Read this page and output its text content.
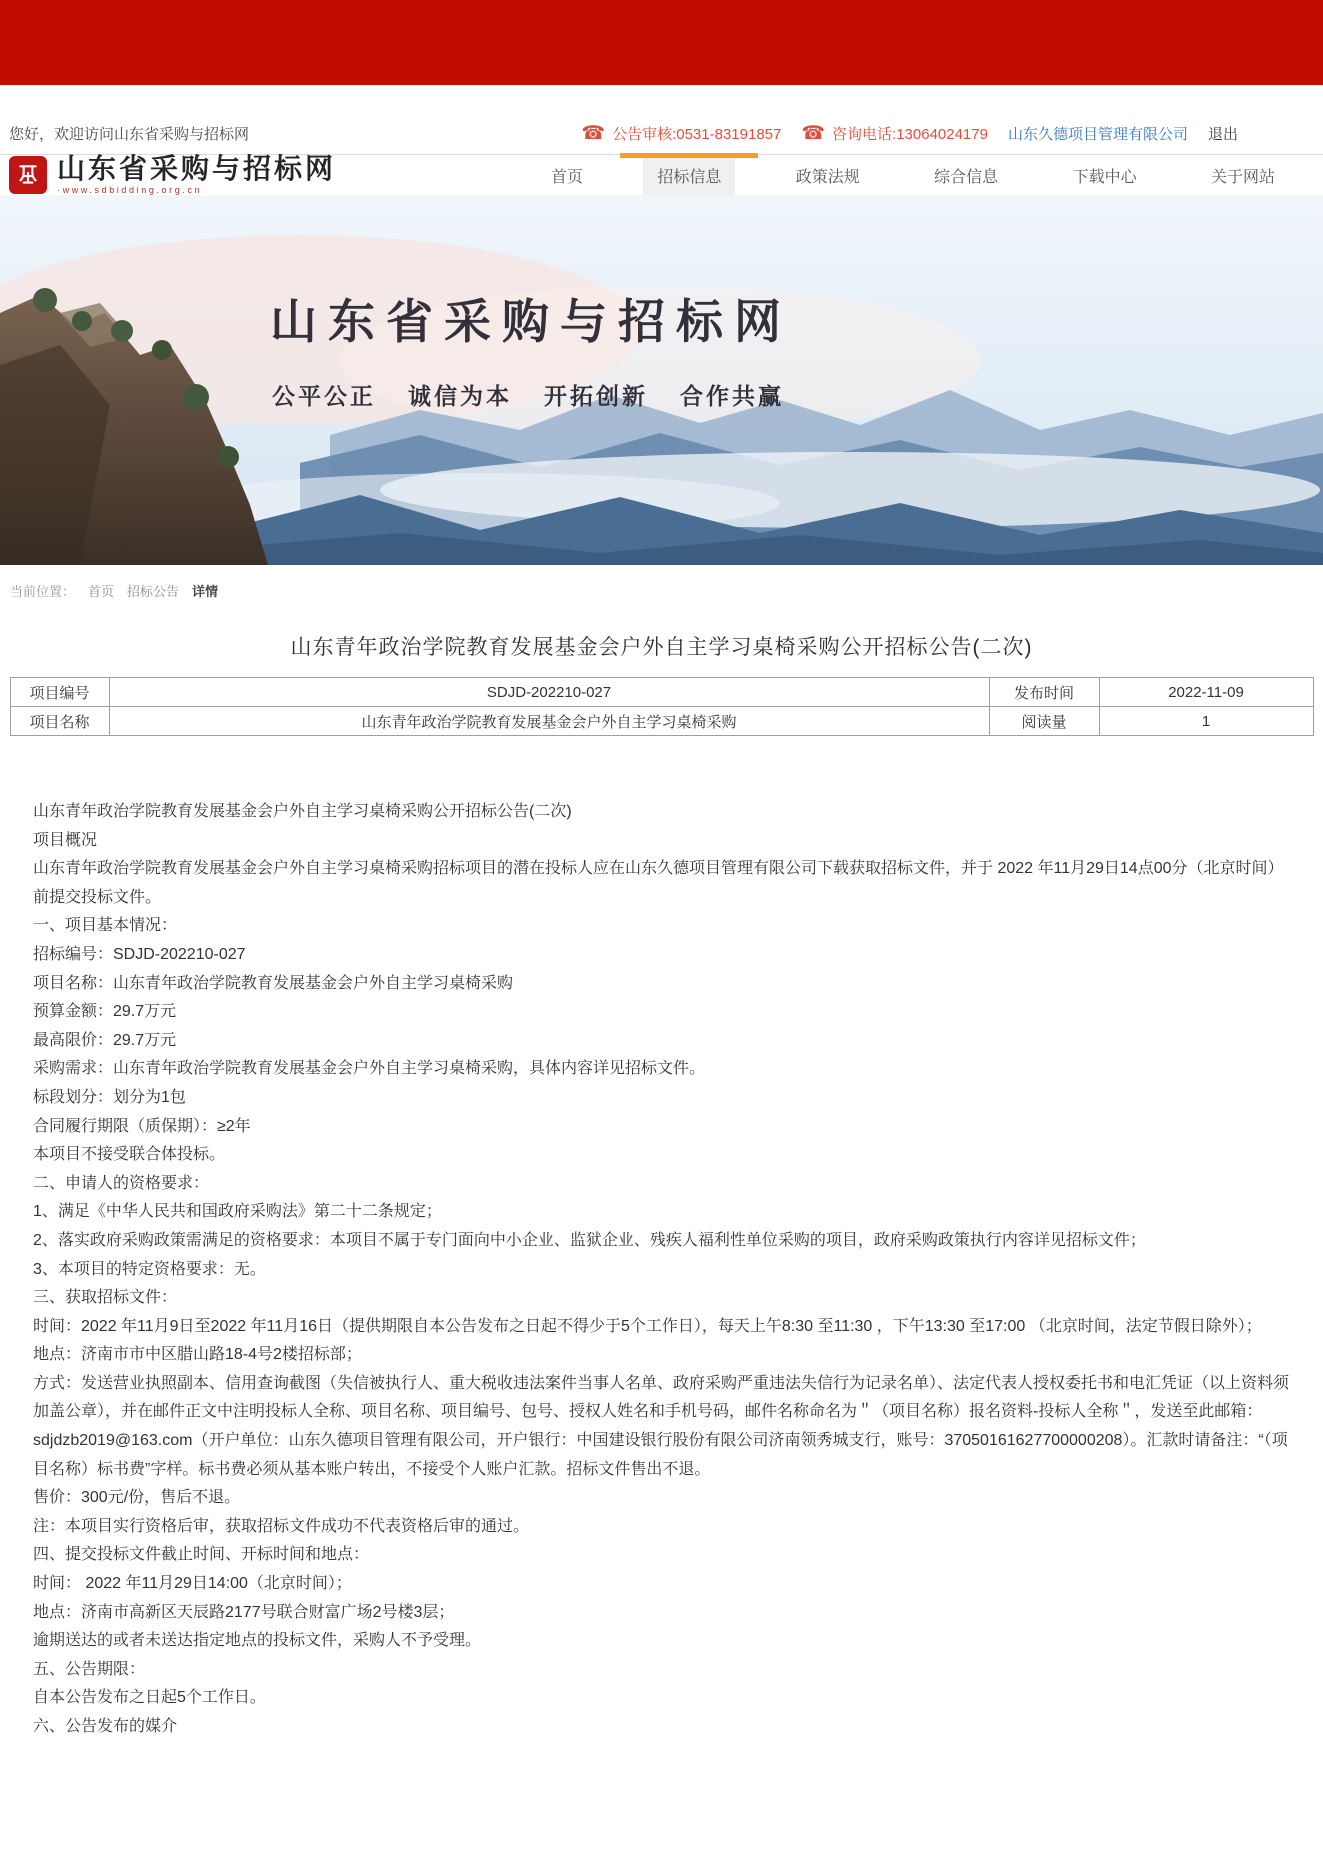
您好，欢迎访问山东省采购与招标网	☎ 公告审核:0531-83191857 ☎ 咨询电话:13064024179 山东久德项目管理有限公司 退出
山东省采购与招标网
·www.sdbidding.org.cn
首页	招标信息	政策法规	综合信息	下载中心	关于网站
山东省采购与招标网
公平公正 诚信为本 开拓创新 合作共赢
当前位置： 首页 招标公告 详情
山东青年政治学院教育发展基金会户外自主学习桌椅采购公开招标公告(二次)
项目编号	SDJD-202210-027	发布时间	2022-11-09
项目名称	山东青年政治学院教育发展基金会户外自主学习桌椅采购	阅读量	1

山东青年政治学院教育发展基金会户外自主学习桌椅采购公开招标公告(二次)

项目概况

山东青年政治学院教育发展基金会户外自主学习桌椅采购招标项目的潜在投标人应在山东久德项目管理有限公司下载获取招标文件，并于 2022 年11月29日14点00分（北京时间）前提交投标文件。

一、项目基本情况：

招标编号：SDJD-202210-027

项目名称：山东青年政治学院教育发展基金会户外自主学习桌椅采购

预算金额：29.7万元

最高限价：29.7万元

采购需求：山东青年政治学院教育发展基金会户外自主学习桌椅采购，具体内容详见招标文件。

标段划分：划分为1包

合同履行期限（质保期）：≥2年

本项目不接受联合体投标。

二、申请人的资格要求：

1、满足《中华人民共和国政府采购法》第二十二条规定；

2、落实政府采购政策需满足的资格要求：本项目不属于专门面向中小企业、监狱企业、残疾人福利性单位采购的项目，政府采购政策执行内容详见招标文件；

3、本项目的特定资格要求：无。

三、获取招标文件：

时间：2022 年11月9日至2022 年11月16日（提供期限自本公告发布之日起不得少于5个工作日），每天上午8:30 至11:30 ，下午13:30 至17:00 （北京时间，法定节假日除外）；

地点：济南市市中区腊山路18-4号2楼招标部；

方式：发送营业执照副本、信用查询截图（失信被执行人、重大税收违法案件当事人名单、政府采购严重违法失信行为记录名单）、法定代表人授权委托书和电汇凭证（以上资料须加盖公章），并在邮件正文中注明投标人全称、项目名称、项目编号、包号、授权人姓名和手机号码，邮件名称命名为＂（项目名称）报名资料-投标人全称＂，发送至此邮箱：sdjdzb2019@163.com（开户单位：山东久德项目管理有限公司，开户银行：中国建设银行股份有限公司济南领秀城支行，账号：37050161627700000208）。汇款时请备注：“（项目名称）标书费”字样。标书费必须从基本账户转出，不接受个人账户汇款。招标文件售出不退。

售价：300元/份，售后不退。

注：本项目实行资格后审，获取招标文件成功不代表资格后审的通过。

四、提交投标文件截止时间、开标时间和地点：

时间： 2022 年11月29日14:00（北京时间）；

地点：济南市高新区天辰路2177号联合财富广场2号楼3层；

逾期送达的或者未送达指定地点的投标文件，采购人不予受理。

五、公告期限：

自本公告发布之日起5个工作日。

六、公告发布的媒介
